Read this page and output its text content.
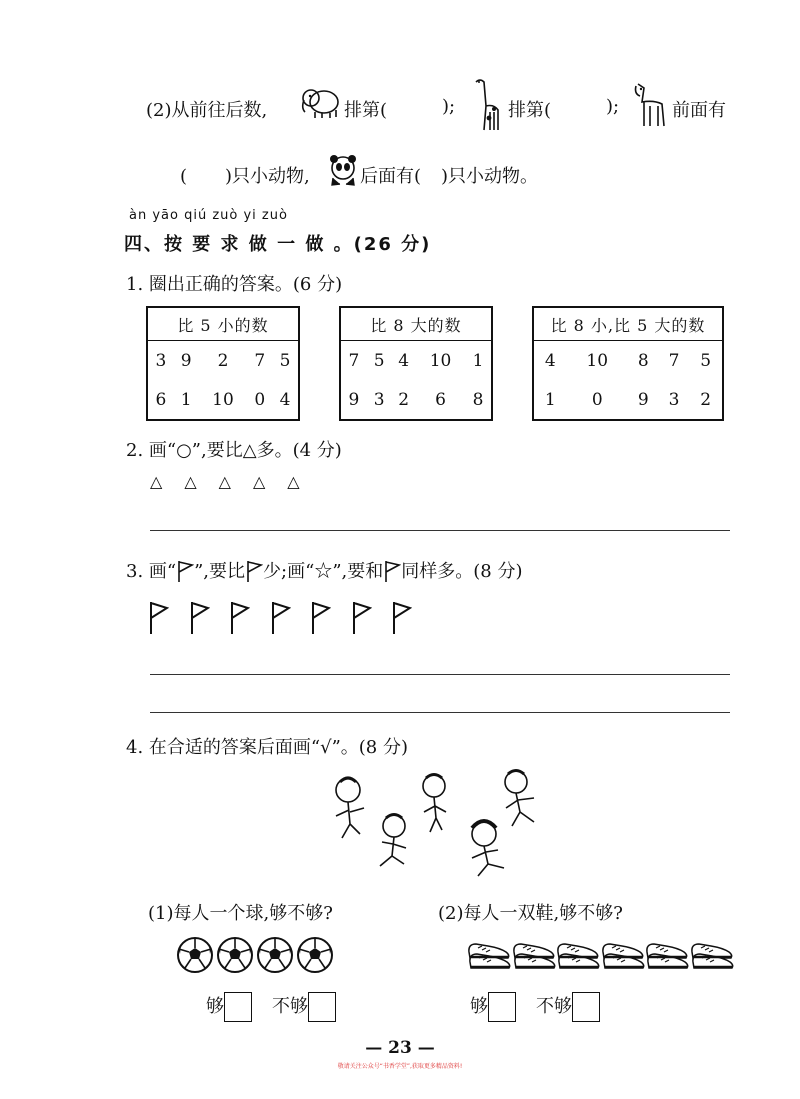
(2)从前往后数,	排第(	);	排第(	);	前面有
( )只小动物,	后面有( )只小动物。
àn yāo qiú zuò yi zuò
四、按 要 求 做 一 做 。(26 分)
1. 圈出正确的答案。(6 分)
比 5 小的数				
3	9	2	7	5
6	1	10	0	4
比 8 大的数				
7	5	4	10	1
9	3	2	6	8
比 8 小,比 5 大的数				
4	10	8	7	5
1	0	9	3	2
2. 画“○”,要比△多。(4 分)
△ △ △ △ △
3. 画“ ”,要比 少;画“☆”,要和 同样多。(8 分)
4. 在合适的答案后面画“√”。(8 分)
(1)每人一个球,够不够?	(2)每人一双鞋,够不够?
够	不够	够	不够
— 23 —
敬请关注公众号“书香学堂”,获取更多精品资料!
